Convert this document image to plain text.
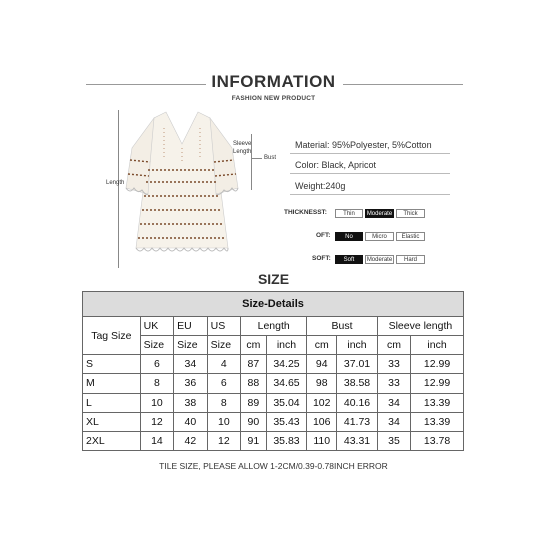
INFORMATION
FASHION NEW PRODUCT
Length
Sleeve
Length
Bust
Material: 95%Polyester, 5%Cotton
Color: Black, Apricot
Weight:240g
THICKNESST:	Thin	Moderate	Thick
OFT:	No	Micro	Elastic
SOFT:	Soft	Moderate	Hard
SIZE
Size-Details									
Tag Size	UK	EU	US	Length		Bust		Sleeve length	
	Size	Size	Size	cm	inch	cm	inch	cm	inch
S	6	34	4	87	34.25	94	37.01	33	12.99
M	8	36	6	88	34.65	98	38.58	33	12.99
L	10	38	8	89	35.04	102	40.16	34	13.39
XL	12	40	10	90	35.43	106	41.73	34	13.39
2XL	14	42	12	91	35.83	110	43.31	35	13.78
TILE SIZE, PLEASE ALLOW 1-2CM/0.39-0.78INCH ERROR
